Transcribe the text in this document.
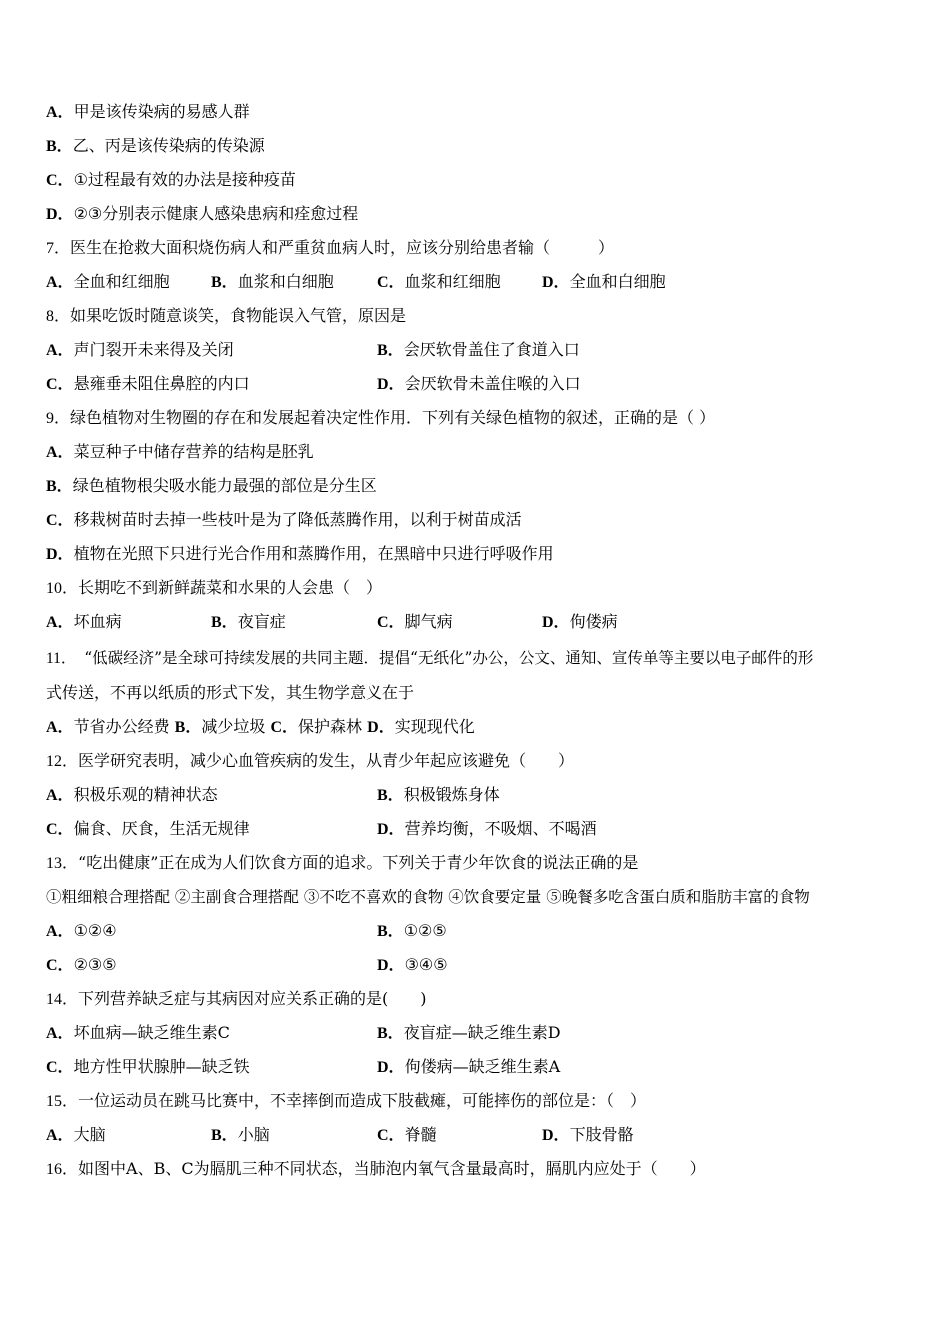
A．甲是该传染病的易感人群
B．乙、丙是该传染病的传染源
C．①过程最有效的办法是接种疫苗
D．②③分别表示健康人感染患病和痊愈过程
7．医生在抢救大面积烧伤病人和严重贫血病人时，应该分别给患者输（　　　）
A．全血和红细胞	B．血浆和白细胞	C．血浆和红细胞	D．全血和白细胞
8．如果吃饭时随意谈笑，食物能误入气管，原因是
A．声门裂开未来得及关闭	B．会厌软骨盖住了食道入口
C．悬雍垂未阻住鼻腔的内口	D．会厌软骨未盖住喉的入口
9．绿色植物对生物圈的存在和发展起着决定性作用．下列有关绿色植物的叙述，正确的是（ ）
A．菜豆种子中储存营养的结构是胚乳
B．绿色植物根尖吸水能力最强的部位是分生区
C．移栽树苗时去掉一些枝叶是为了降低蒸腾作用，以利于树苗成活
D．植物在光照下只进行光合作用和蒸腾作用，在黑暗中只进行呼吸作用
10．长期吃不到新鲜蔬菜和水果的人会患（　）
A．坏血病	B．夜盲症	C．脚气病	D．佝偻病
11．　“低碳经济”是全球可持续发展的共同主题．提倡“无纸化”办公，公文、通知、宣传单等主要以电子邮件的形
式传送，不再以纸质的形式下发，其生物学意义在于
A．节省办公经费 B．减少垃圾 C．保护森林 D．实现现代化
12．医学研究表明，减少心血管疾病的发生，从青少年起应该避免（　　）
A．积极乐观的精神状态	B．积极锻炼身体
C．偏食、厌食，生活无规律	D．营养均衡，不吸烟、不喝酒
13．“吃出健康”正在成为人们饮食方面的追求。下列关于青少年饮食的说法正确的是
①粗细粮合理搭配 ②主副食合理搭配 ③不吃不喜欢的食物 ④饮食要定量 ⑤晚餐多吃含蛋白质和脂肪丰富的食物
A．①②④	B．①②⑤
C．②③⑤	D．③④⑤
14．下列营养缺乏症与其病因对应关系正确的是(　　)
A．坏血病—缺乏维生素C	B．夜盲症—缺乏维生素D
C．地方性甲状腺肿—缺乏铁	D．佝偻病—缺乏维生素A
15．一位运动员在跳马比赛中，不幸摔倒而造成下肢截瘫，可能摔伤的部位是：（　）
A．大脑	B．小脑	C．脊髓	D．下肢骨骼
16．如图中A、B、C为膈肌三种不同状态，当肺泡内氧气含量最高时，膈肌内应处于（　　）
